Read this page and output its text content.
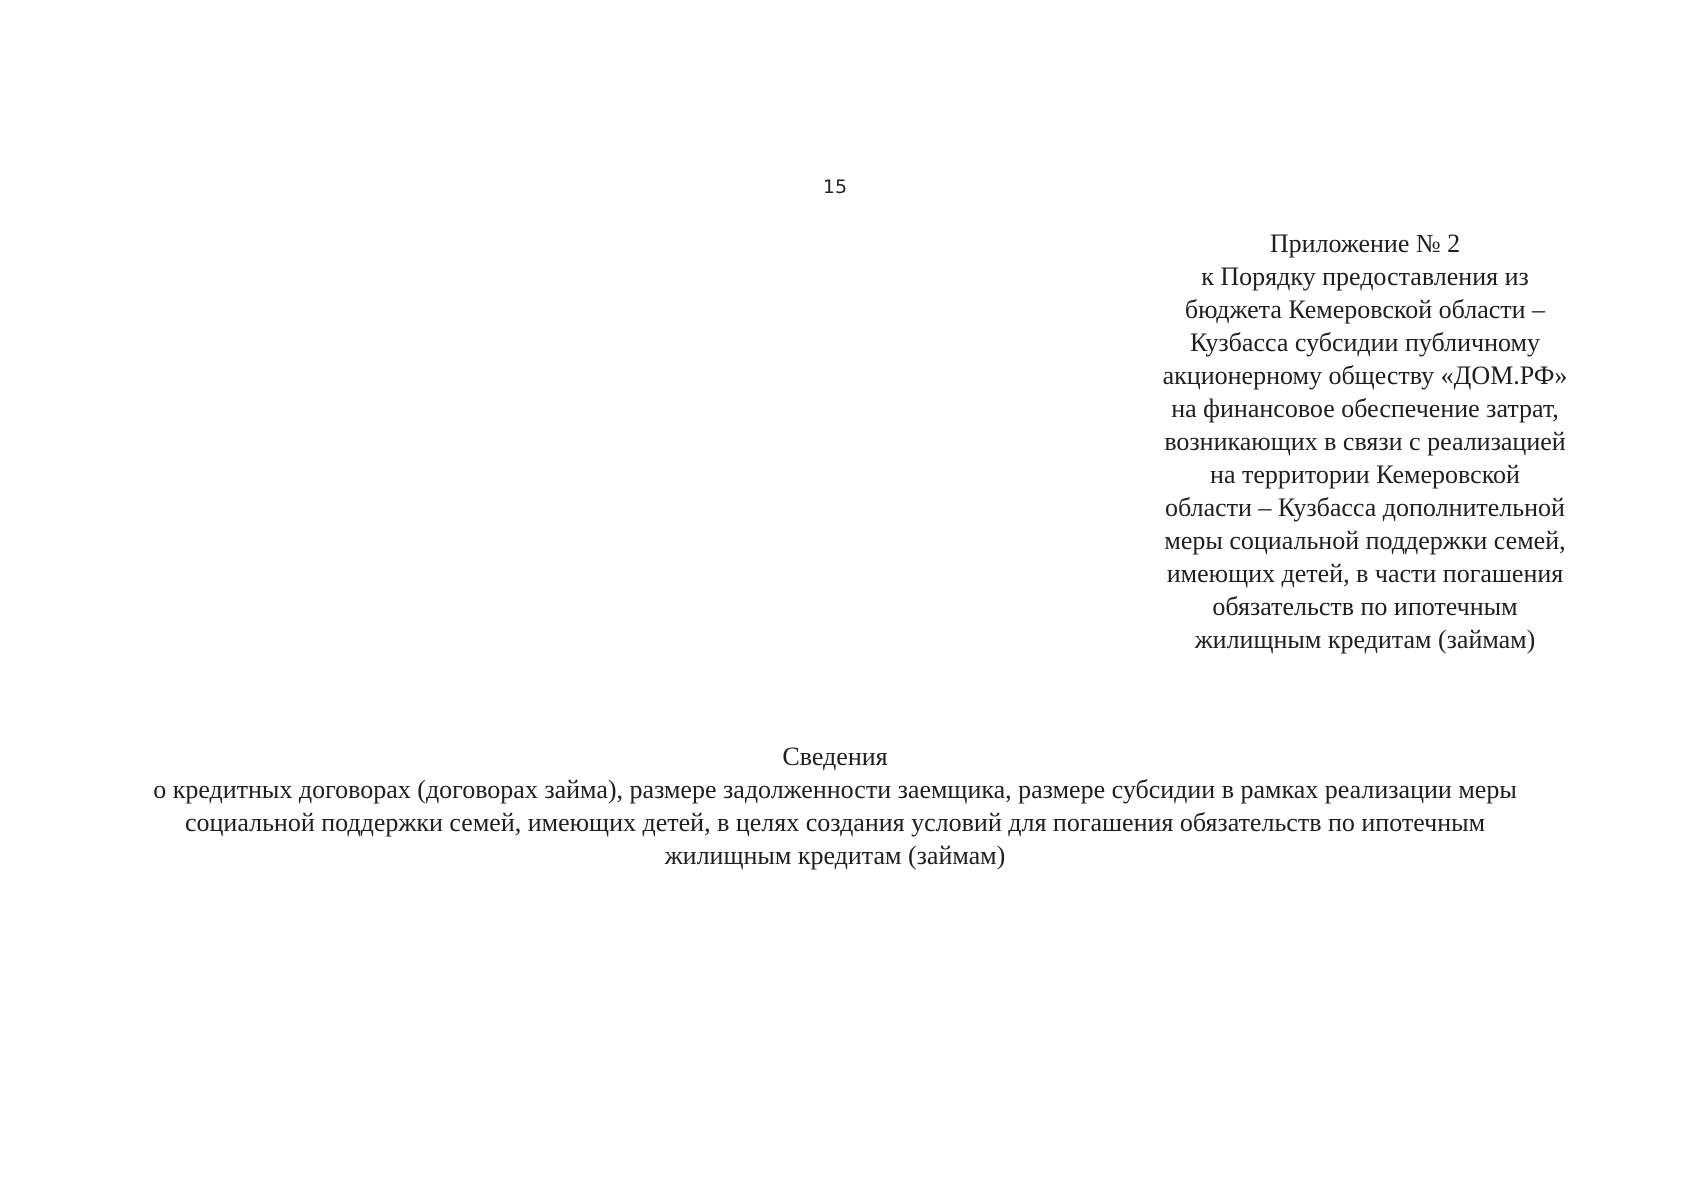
15
Приложение № 2
к Порядку предоставления из
бюджета Кемеровской области –
Кузбасса субсидии публичному
акционерному обществу «ДОМ.РФ»
на финансовое обеспечение затрат,
возникающих в связи с реализацией
на территории Кемеровской
области – Кузбасса дополнительной
меры социальной поддержки семей,
имеющих детей, в части погашения
обязательств по ипотечным
жилищным кредитам (займам)
Сведения
о кредитных договорах (договорах займа), размере задолженности заемщика, размере субсидии в рамках реализации меры
социальной поддержки семей, имеющих детей, в целях создания условий для погашения обязательств по ипотечным
жилищным кредитам (займам)
